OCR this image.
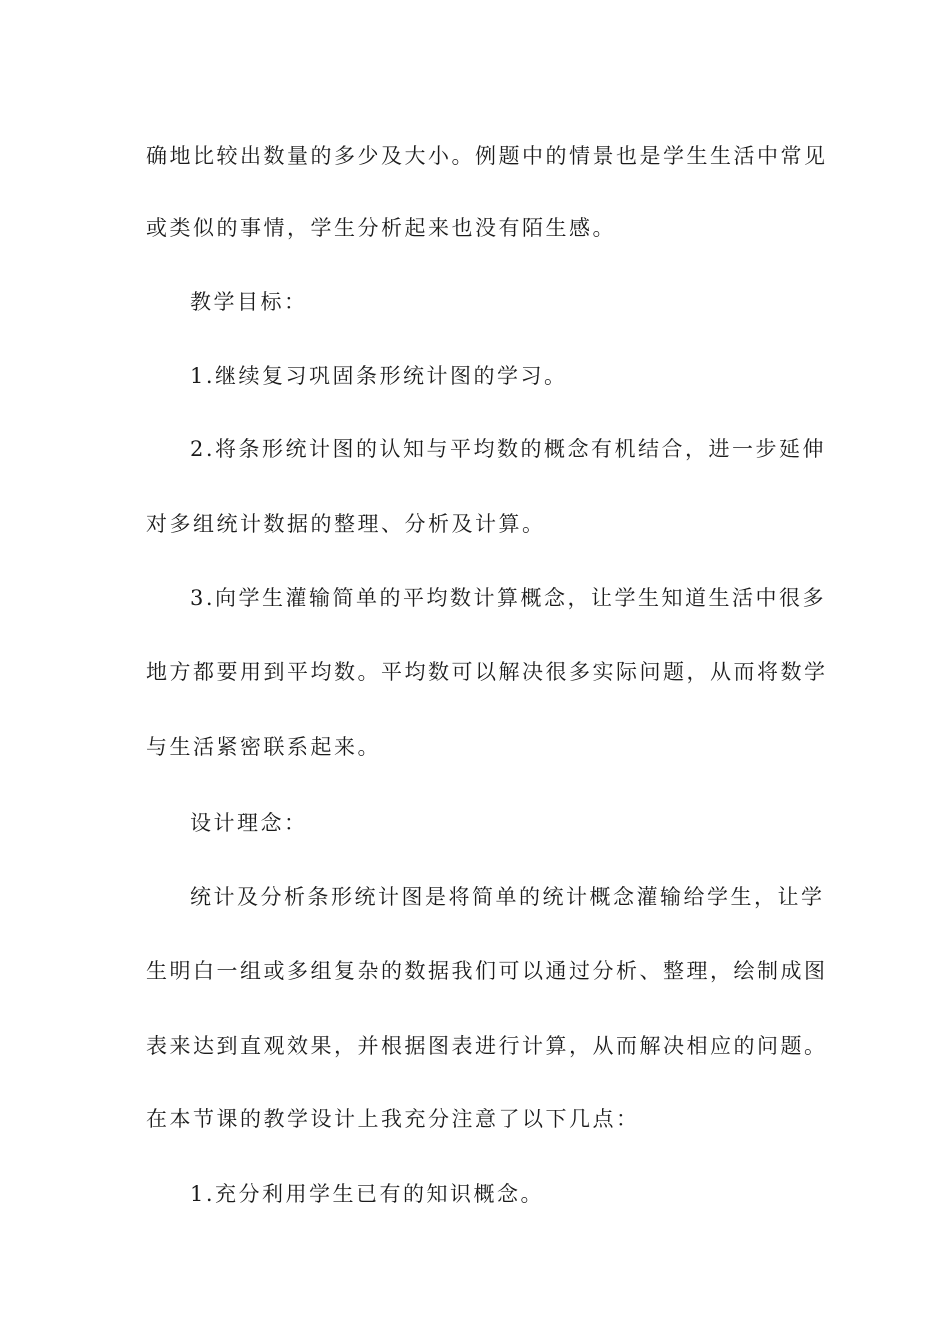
确地比较出数量的多少及大小。例题中的情景也是学生生活中常见
或类似的事情，学生分析起来也没有陌生感。
教学目标：
1.继续复习巩固条形统计图的学习。
2.将条形统计图的认知与平均数的概念有机结合，进一步延伸
对多组统计数据的整理、分析及计算。
3.向学生灌输简单的平均数计算概念，让学生知道生活中很多
地方都要用到平均数。平均数可以解决很多实际问题，从而将数学
与生活紧密联系起来。
设计理念：
统计及分析条形统计图是将简单的统计概念灌输给学生，让学
生明白一组或多组复杂的数据我们可以通过分析、整理，绘制成图
表来达到直观效果，并根据图表进行计算，从而解决相应的问题。
在本节课的教学设计上我充分注意了以下几点：
1.充分利用学生已有的知识概念。
